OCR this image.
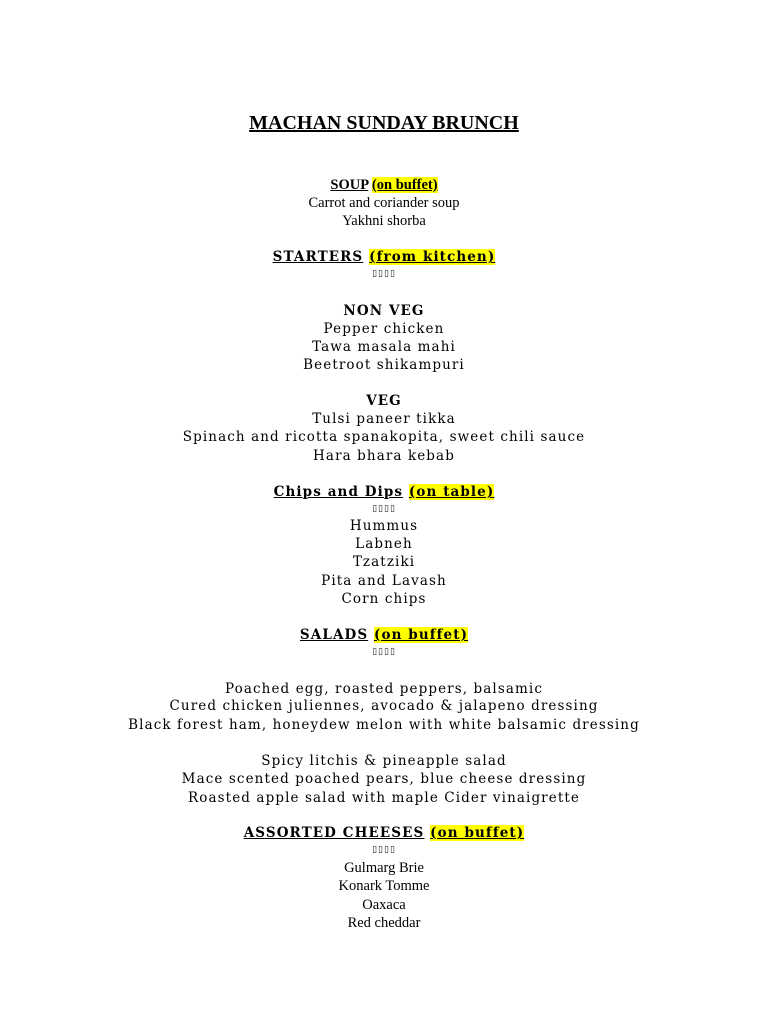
MACHAN SUNDAY BRUNCH
SOUP (on buffet)
Carrot and coriander soup
Yakhni shorba
STARTERS (from kitchen)
▯▯▯▯
NON VEG
Pepper chicken
Tawa masala mahi
Beetroot shikampuri
VEG
Tulsi paneer tikka
Spinach and ricotta spanakopita, sweet chili sauce
Hara bhara kebab
Chips and Dips (on table)
▯▯▯▯
Hummus
Labneh
Tzatziki
Pita and Lavash
Corn chips
SALADS (on buffet)
▯▯▯▯
Poached egg, roasted peppers, balsamic
Cured chicken juliennes, avocado & jalapeno dressing
Black forest ham, honeydew melon with white balsamic dressing
Spicy litchis & pineapple salad
Mace scented poached pears, blue cheese dressing
Roasted apple salad with maple Cider vinaigrette
ASSORTED CHEESES (on buffet)
▯▯▯▯
Gulmarg Brie
Konark Tomme
Oaxaca
Red cheddar
